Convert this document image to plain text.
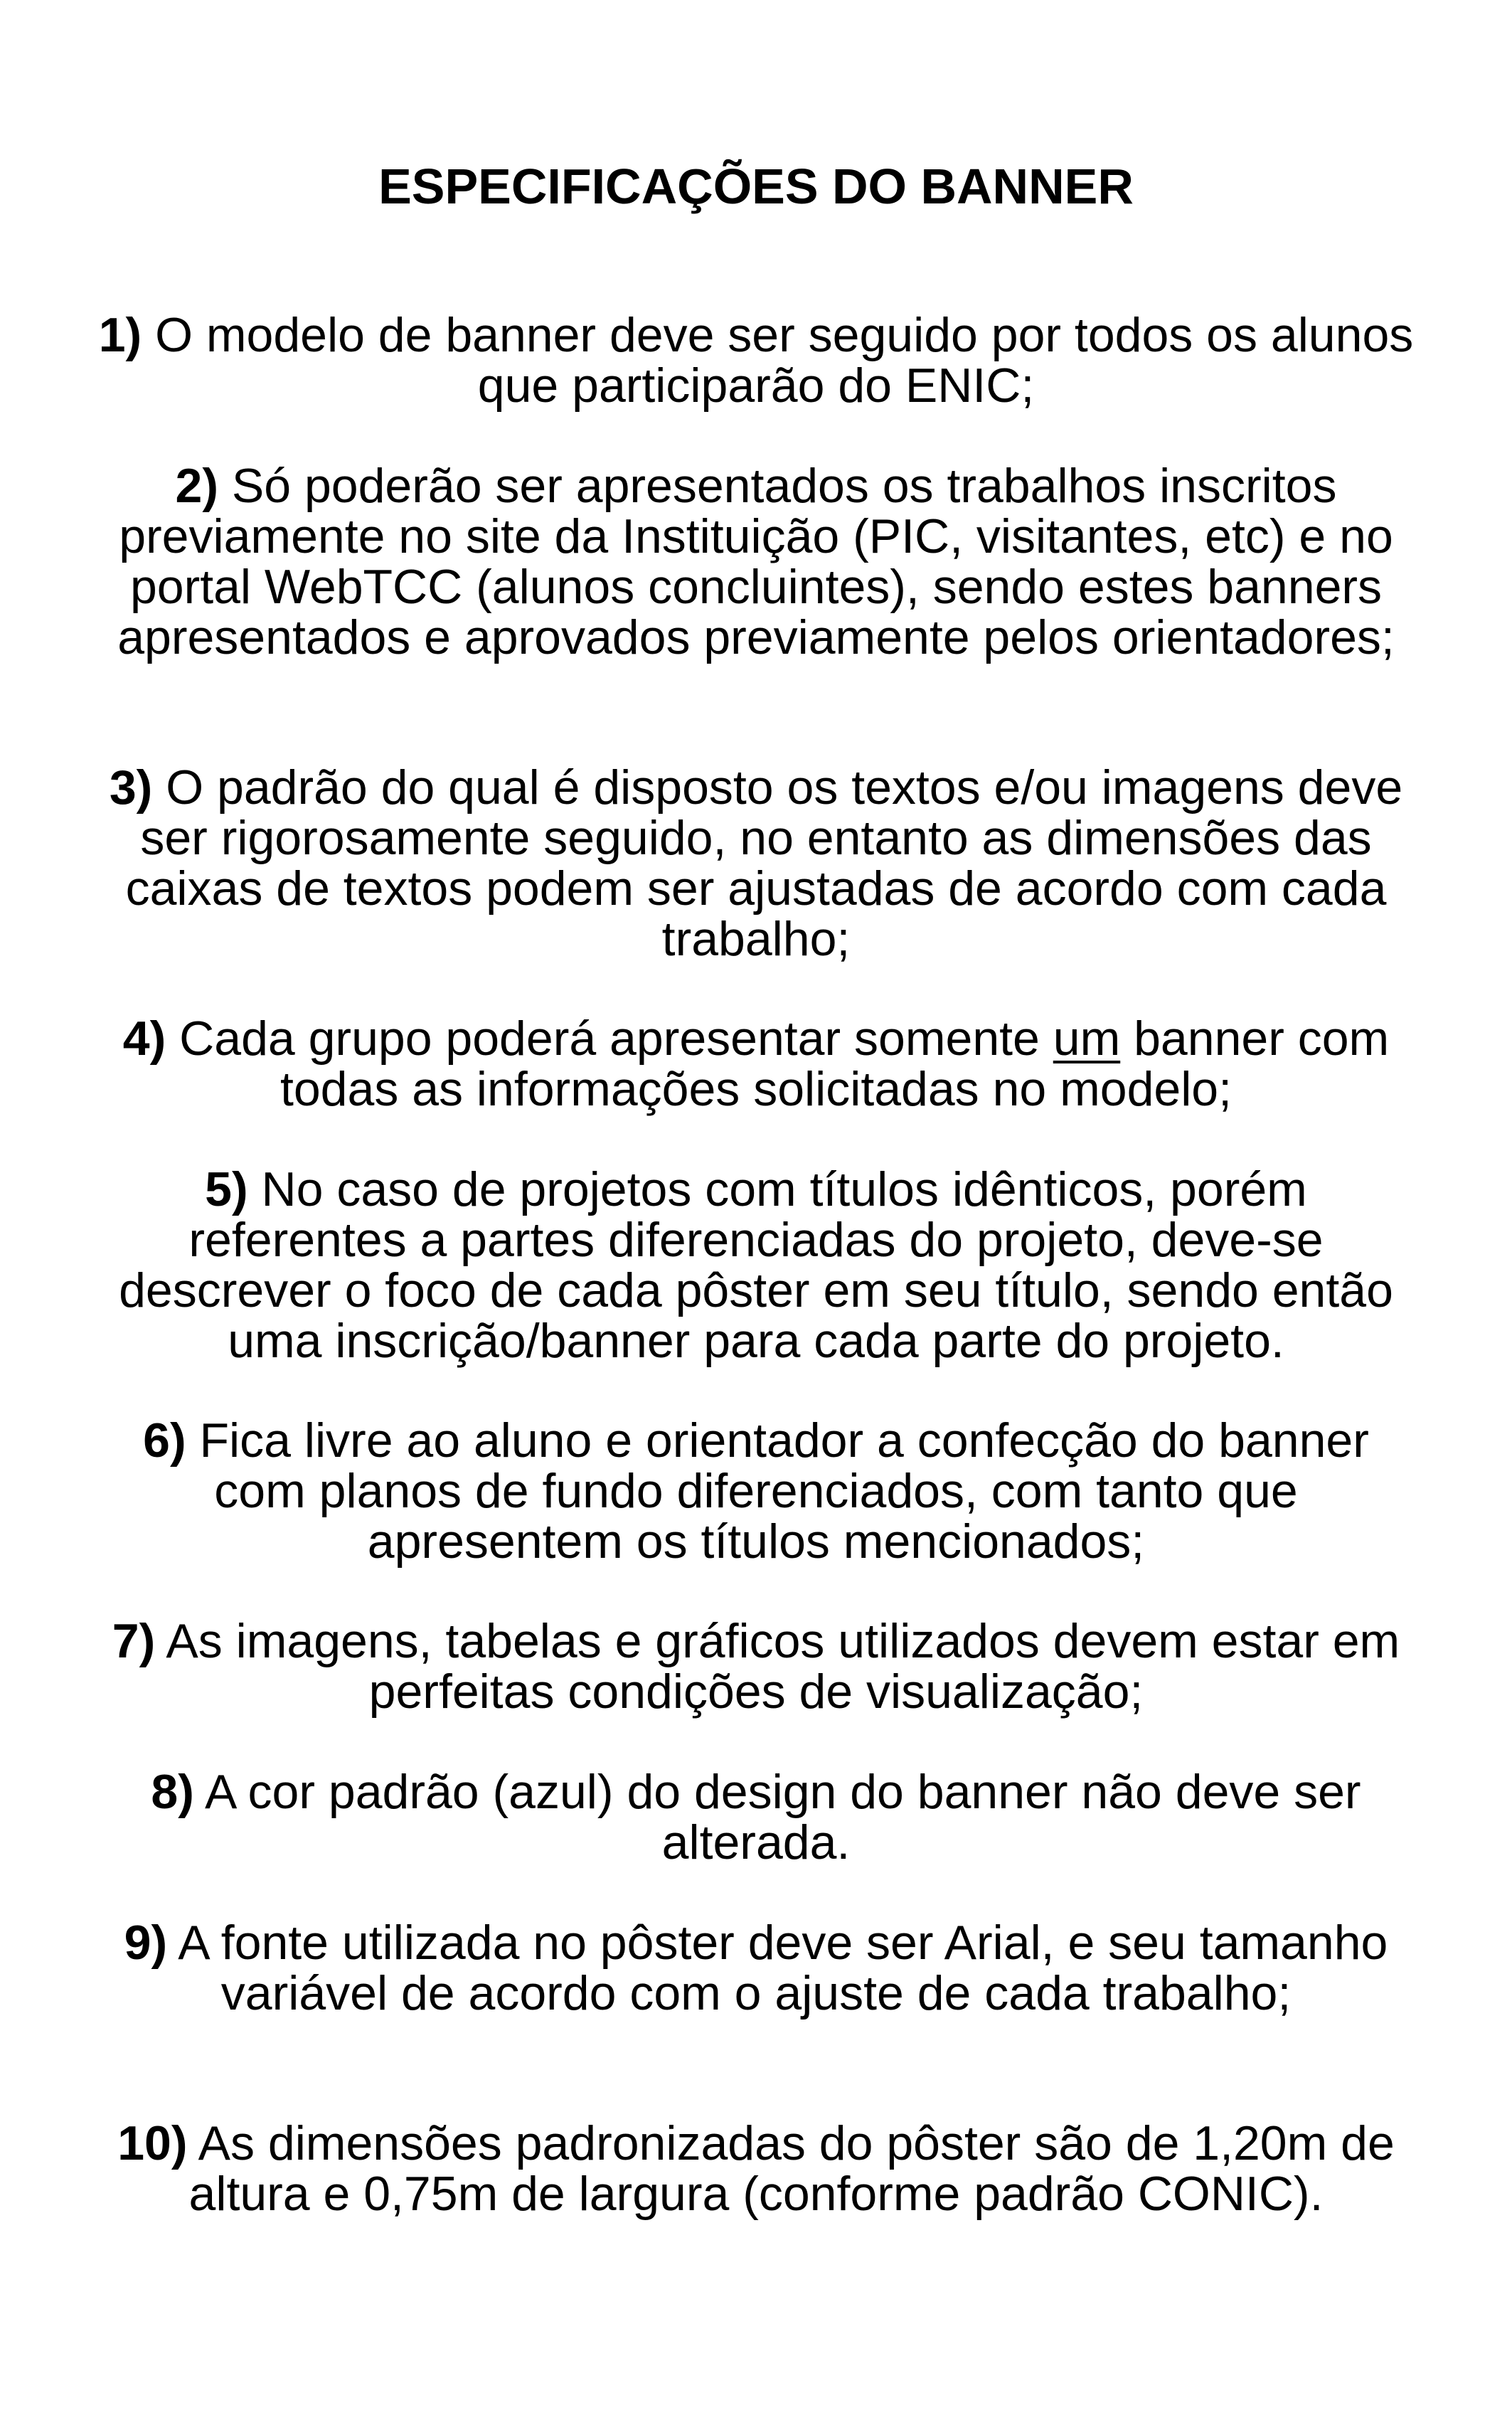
ESPECIFICAÇÕES DO BANNER
1) O modelo de banner deve ser seguido por todos os alunos que participarão do ENIC;
2) Só poderão ser apresentados os trabalhos inscritos previamente no site da Instituição (PIC, visitantes, etc) e no portal WebTCC (alunos concluintes), sendo estes banners apresentados e aprovados previamente pelos orientadores;
3) O padrão do qual é disposto os textos e/ou imagens deve ser rigorosamente seguido, no entanto as dimensões das caixas de textos podem ser ajustadas de acordo com cada trabalho;
4) Cada grupo poderá apresentar somente um banner com todas as informações solicitadas no modelo;
5) No caso de projetos com títulos idênticos, porém referentes a partes diferenciadas do projeto, deve-se descrever o foco de cada pôster em seu título, sendo então uma inscrição/banner para cada parte do projeto.
6) Fica livre ao aluno e orientador a confecção do banner com planos de fundo diferenciados, com tanto que apresentem os títulos mencionados;
7) As imagens, tabelas e gráficos utilizados devem estar em perfeitas condições de visualização;
8) A cor padrão (azul) do design do banner não deve ser alterada.
9) A fonte utilizada no pôster deve ser Arial, e seu tamanho variável de acordo com o ajuste de cada trabalho;
10) As dimensões padronizadas do pôster são de 1,20m de altura e 0,75m de largura (conforme padrão CONIC).
